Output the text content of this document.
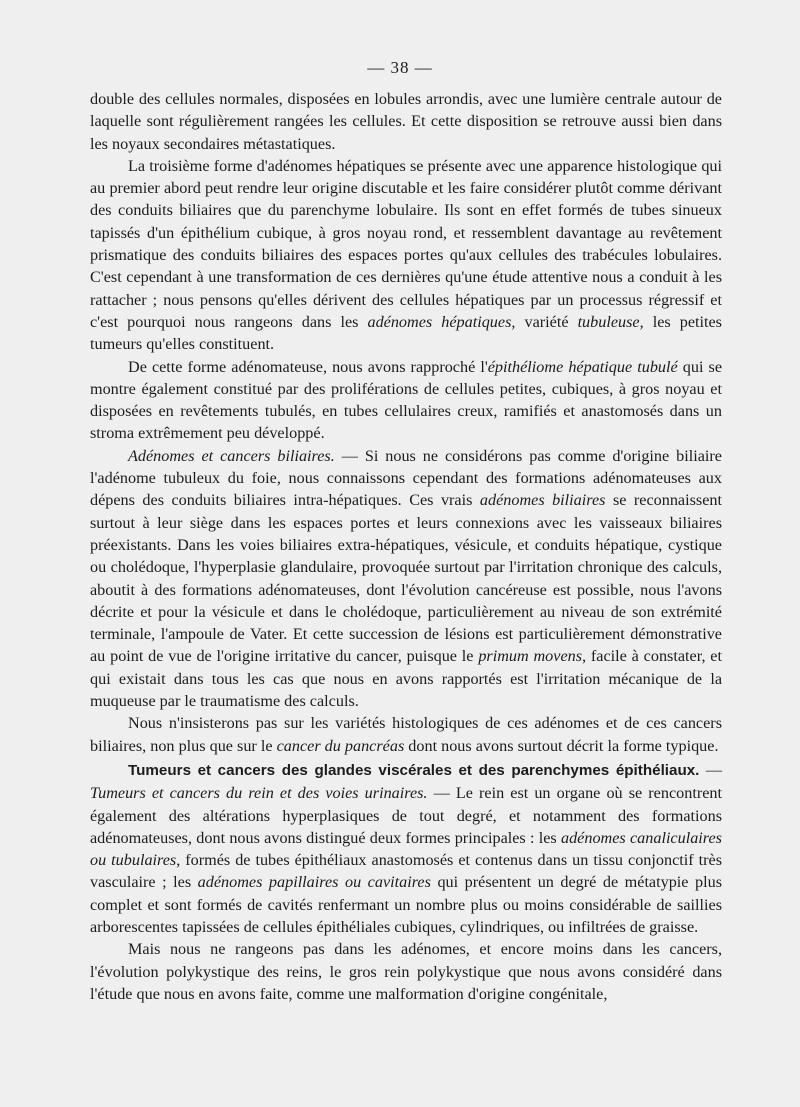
— 38 —

double des cellules normales, disposées en lobules arrondis, avec une lumière centrale autour de laquelle sont régulièrement rangées les cellules. Et cette disposition se retrouve aussi bien dans les noyaux secondaires métastatiques.

La troisième forme d'adénomes hépatiques se présente avec une apparence histologique qui au premier abord peut rendre leur origine discutable et les faire considérer plutôt comme dérivant des conduits biliaires que du parenchyme lobulaire. Ils sont en effet formés de tubes sinueux tapissés d'un épithélium cubique, à gros noyau rond, et ressemblent davantage au revêtement prismatique des conduits biliaires des espaces portes qu'aux cellules des trabécules lobulaires. C'est cependant à une transformation de ces dernières qu'une étude attentive nous a conduit à les rattacher ; nous pensons qu'elles dérivent des cellules hépatiques par un processus régressif et c'est pourquoi nous rangeons dans les adénomes hépatiques, variété tubuleuse, les petites tumeurs qu'elles constituent.

De cette forme adénomateuse, nous avons rapproché l'épithéliome hépatique tubulé qui se montre également constitué par des proliférations de cellules petites, cubiques, à gros noyau et disposées en revêtements tubulés, en tubes cellulaires creux, ramifiés et anastomosés dans un stroma extrêmement peu développé.

Adénomes et cancers biliaires. — Si nous ne considérons pas comme d'origine biliaire l'adénome tubuleux du foie, nous connaissons cependant des formations adénomateuses aux dépens des conduits biliaires intra-hépatiques. Ces vrais adénomes biliaires se reconnaissent surtout à leur siège dans les espaces portes et leurs connexions avec les vaisseaux biliaires préexistants. Dans les voies biliaires extra-hépatiques, vésicule, et conduits hépatique, cystique ou cholédoque, l'hyperplasie glandulaire, provoquée surtout par l'irritation chronique des calculs, aboutit à des formations adénomateuses, dont l'évolution cancéreuse est possible, nous l'avons décrite et pour la vésicule et dans le cholédoque, particulièrement au niveau de son extrémité terminale, l'ampoule de Vater. Et cette succession de lésions est particulièrement démonstrative au point de vue de l'origine irritative du cancer, puisque le primum movens, facile à constater, et qui existait dans tous les cas que nous en avons rapportés est l'irritation mécanique de la muqueuse par le traumatisme des calculs.

Nous n'insisterons pas sur les variétés histologiques de ces adénomes et de ces cancers biliaires, non plus que sur le cancer du pancréas dont nous avons surtout décrit la forme typique.

Tumeurs et cancers des glandes viscérales et des parenchymes épithéliaux. — Tumeurs et cancers du rein et des voies urinaires. — Le rein est un organe où se rencontrent également des altérations hyperplasiques de tout degré, et notamment des formations adénomateuses, dont nous avons distingué deux formes principales : les adénomes canaliculaires ou tubulaires, formés de tubes épithéliaux anastomosés et contenus dans un tissu conjonctif très vasculaire ; les adénomes papillaires ou cavitaires qui présentent un degré de métatypie plus complet et sont formés de cavités renfermant un nombre plus ou moins considérable de saillies arborescentes tapissées de cellules épithéliales cubiques, cylindriques, ou infiltrées de graisse.

Mais nous ne rangeons pas dans les adénomes, et encore moins dans les cancers, l'évolution polykystique des reins, le gros rein polykystique que nous avons considéré dans l'étude que nous en avons faite, comme une malformation d'origine congénitale,
